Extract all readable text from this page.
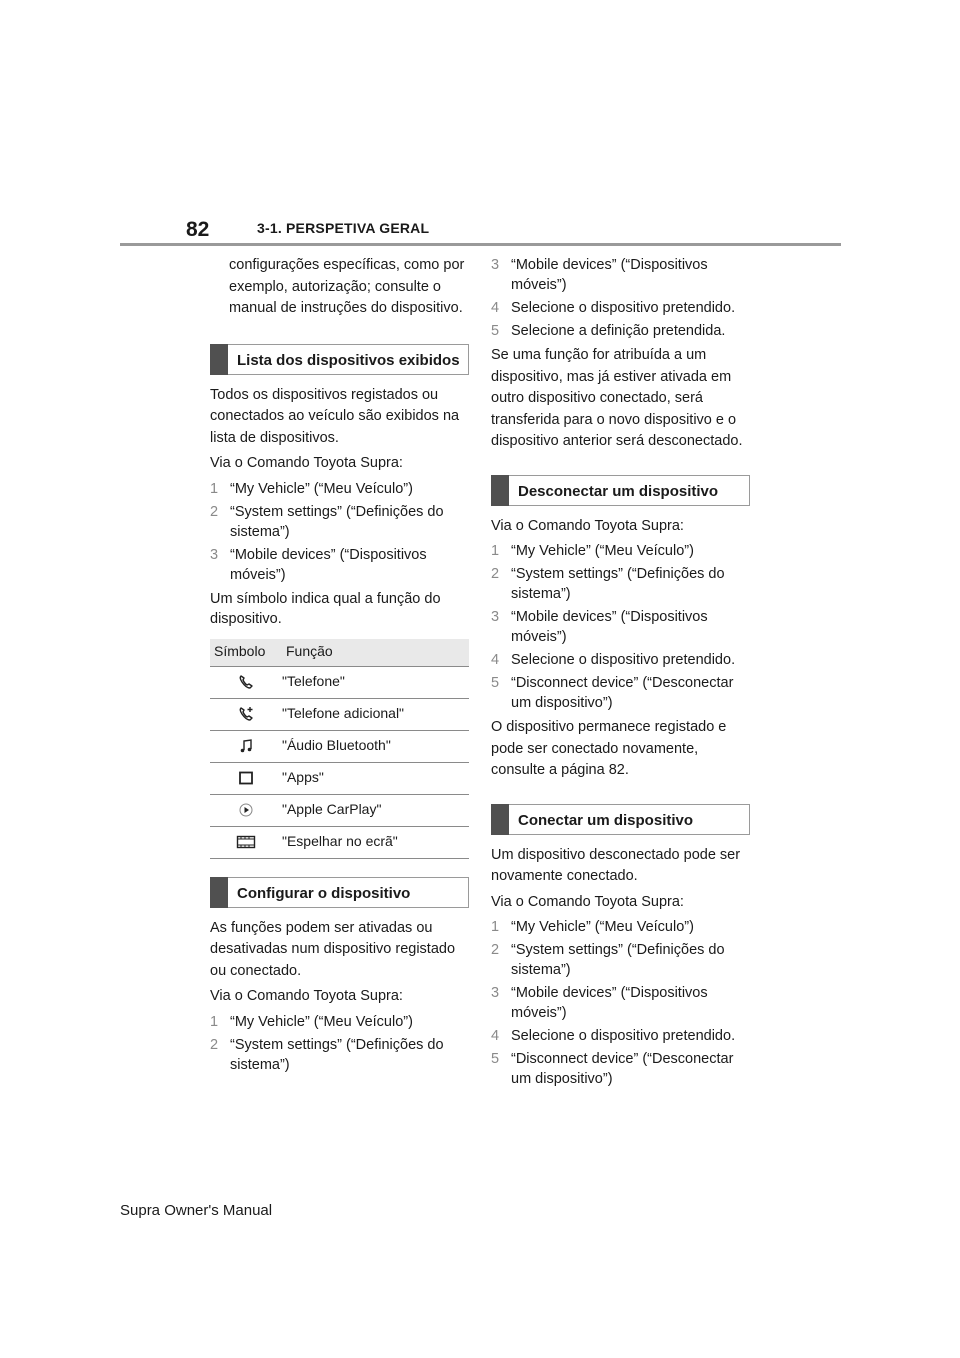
82	3-1. PERSPETIVA GERAL

configurações específicas, como por exemplo, autorização; consulte o manual de instruções do dispositivo.

Lista dos dispositivos exibidos

Todos os dispositivos registados ou conectados ao veículo são exibidos na lista de dispositivos.

Via o Comando Toyota Supra:

1 “My Vehicle” (“Meu Veículo”)
2 “System settings” (“Definições do sistema”)
3 “Mobile devices” (“Dispositivos móveis”)

Um símbolo indica qual a função do dispositivo.

Símbolo	Função

	"Telefone"

	"Telefone adicional"

	"Áudio Bluetooth"

	"Apps"

	"Apple CarPlay"

	"Espelhar no ecrã"
Configurar o dispositivo

As funções podem ser ativadas ou desativadas num dispositivo registado ou conectado.

Via o Comando Toyota Supra:

1 “My Vehicle” (“Meu Veículo”)
2 “System settings” (“Definições do sistema”)
3 “Mobile devices” (“Dispositivos móveis”)
4 Selecione o dispositivo pretendido.
5 Selecione a definição pretendida.

Se uma função for atribuída a um dispositivo, mas já estiver ativada em outro dispositivo conectado, será transferida para o novo dispositivo e o dispositivo anterior será desconectado.

Desconectar um dispositivo

Via o Comando Toyota Supra:

1 “My Vehicle” (“Meu Veículo”)
2 “System settings” (“Definições do sistema”)
3 “Mobile devices” (“Dispositivos móveis”)
4 Selecione o dispositivo pretendido.
5 “Disconnect device” (“Desconectar um dispositivo”)

O dispositivo permanece registado e pode ser conectado novamente, consulte a página 82.

Conectar um dispositivo

Um dispositivo desconectado pode ser novamente conectado.

Via o Comando Toyota Supra:

1 “My Vehicle” (“Meu Veículo”)
2 “System settings” (“Definições do sistema”)
3 “Mobile devices” (“Dispositivos móveis”)
4 Selecione o dispositivo pretendido.
5 “Disconnect device” (“Desconectar um dispositivo”)
Supra Owner's Manual
